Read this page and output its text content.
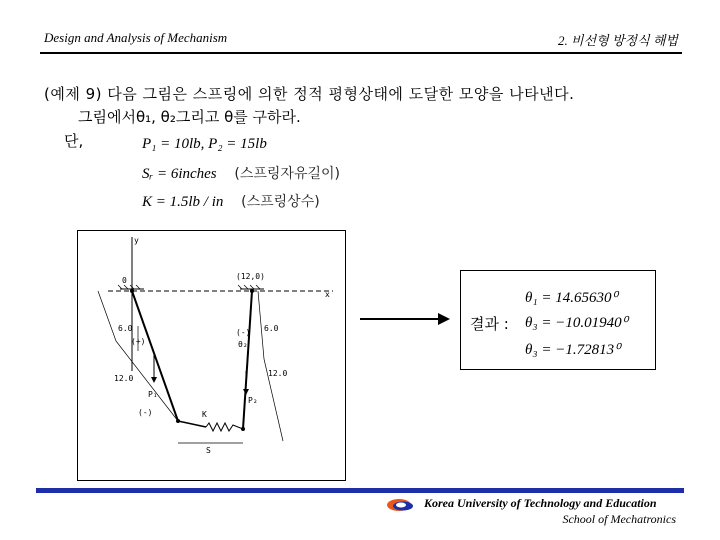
Design and Analysis of Mechanism	2. 비선형 방정식 해법
(예제 9) 다음 그림은 스프링에 의한 정적 평형상태에 도달한 모양을 나타낸다.
그림에서θ₁, θ₂그리고 θ를 구하라.
단,	P₁ = 10lb, P₂ = 15lb
Sᵣ = 6inches (스프링자유길이)
K = 1.5lb / in (스프링상수)
y
x
0	(12,0)
6.0	6.0
12.0
12.0
(+)
(-)
θ₂
(-)
P₁
P₂
K
S
결과 :
θ₁ = 14.65630⁰
θ₃ = −10.01940⁰
θ₃ = −1.72813⁰
Korea University of Technology and Education
School of Mechatronics
